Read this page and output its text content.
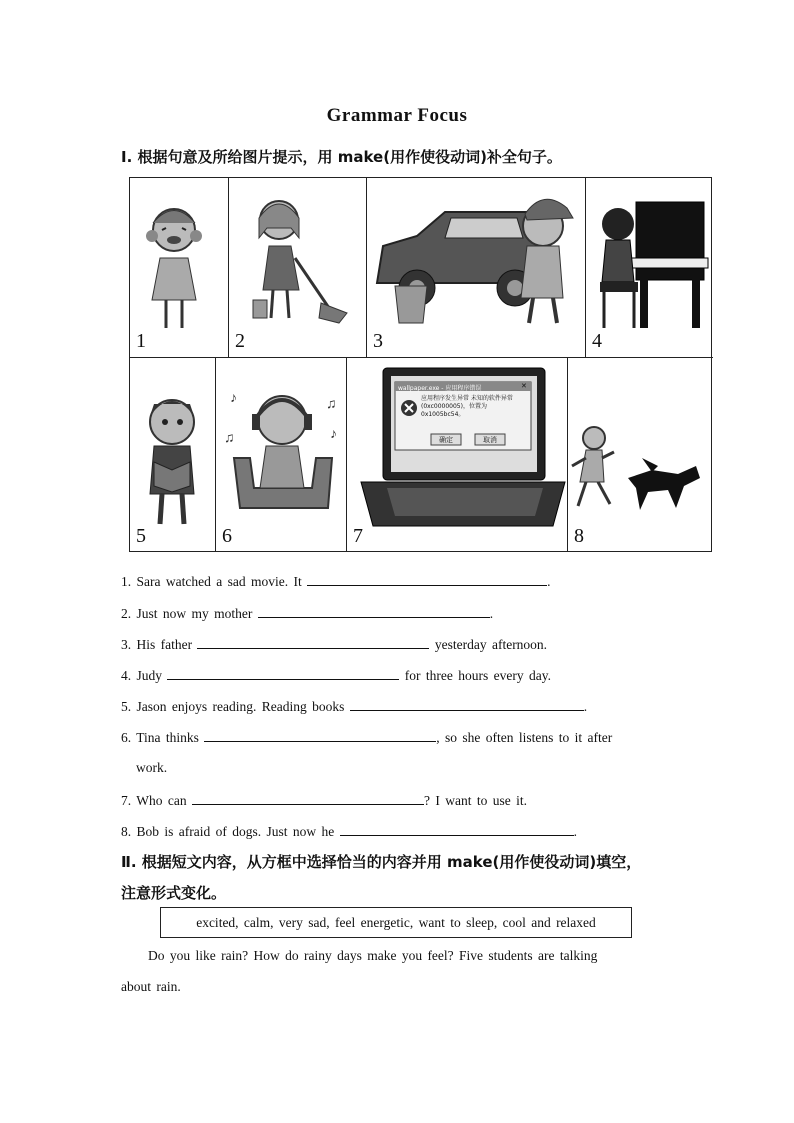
Grammar Focus
Ⅰ. 根据句意及所给图片提示，用 make(用作使役动词)补全句子。
1	2	3	4
5
♪	♫
♫	♪
6
wallpaper.exe - 应用程序错误	✕
应用程序发生异常 未知的软件异常 (0xc0000005)，位置为 0x1005bc54。
确定	取消
7	8
1. Sara watched a sad movie. It	.
2. Just now my mother	.
3. His father	yesterday afternoon.
4. Judy	for three hours every day.
5. Jason enjoys reading. Reading books	.
6. Tina thinks	, so she often listens to it after
work.
7. Who can	? I want to use it.
8. Bob is afraid of dogs. Just now he	.
Ⅱ. 根据短文内容，从方框中选择恰当的内容并用 make(用作使役动词)填空，
注意形式变化。
excited, calm, very sad, feel energetic, want to sleep, cool and relaxed
Do you like rain? How do rainy days make you feel? Five students are talking
about rain.
